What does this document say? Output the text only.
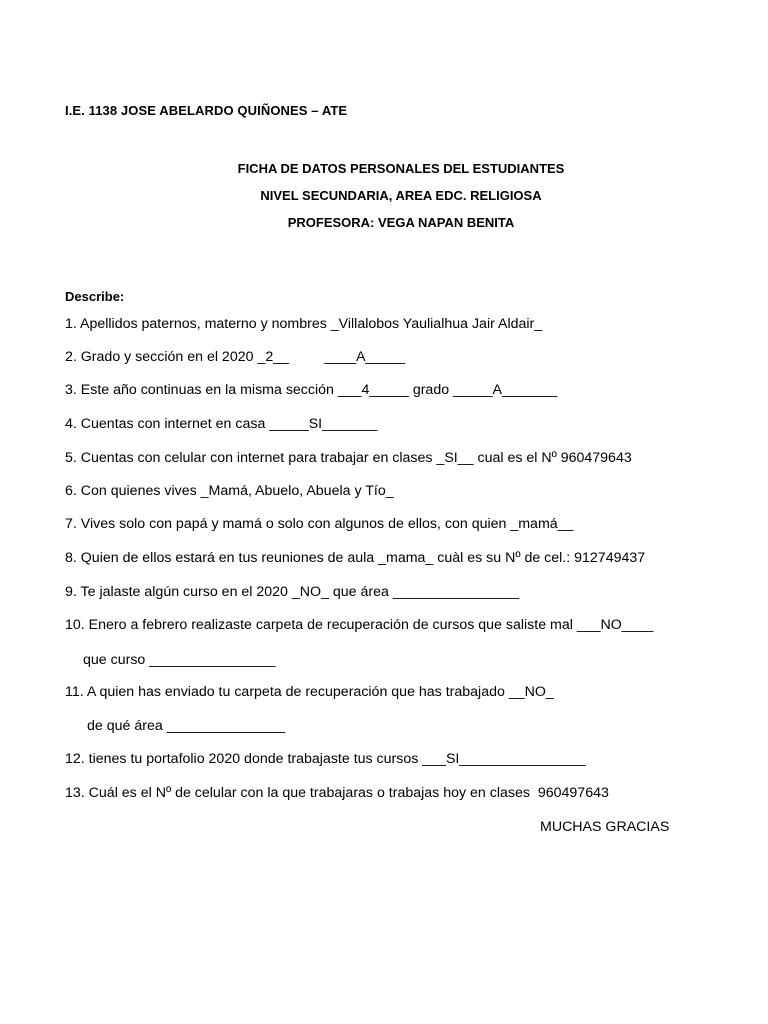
I.E. 1138 JOSE ABELARDO QUIÑONES – ATE
FICHA DE DATOS PERSONALES DEL ESTUDIANTES
NIVEL SECUNDARIA, AREA EDC. RELIGIOSA
PROFESORA: VEGA NAPAN BENITA
Describe:
1. Apellidos paternos, materno y nombres _Villalobos Yaulialhua Jair Aldair_
2. Grado y sección en el 2020 _2__         ____A_____
3. Este año continuas en la misma sección ___4_____ grado _____A_______
4. Cuentas con internet en casa _____SI_______
5. Cuentas con celular con internet para trabajar en clases _SI__ cual es el Nº 960479643
6. Con quienes vives _Mamá, Abuelo, Abuela y Tío_
7. Vives solo con papá y mamá o solo con algunos de ellos, con quien _mamá__
8. Quien de ellos estará en tus reuniones de aula _mama_ cuàl es su Nº de cel.: 912749437
9. Te jalaste algún curso en el 2020 _NO_ que área ________________
10. Enero a febrero realizaste carpeta de recuperación de cursos que saliste mal ___NO____
que curso ________________
11. A quien has enviado tu carpeta de recuperación que has trabajado __NO_
de qué área _______________
12. tienes tu portafolio 2020 donde trabajaste tus cursos ___SI________________
13. Cuál es el Nº de celular con la que trabajaras o trabajas hoy en clases  960497643
MUCHAS GRACIAS
